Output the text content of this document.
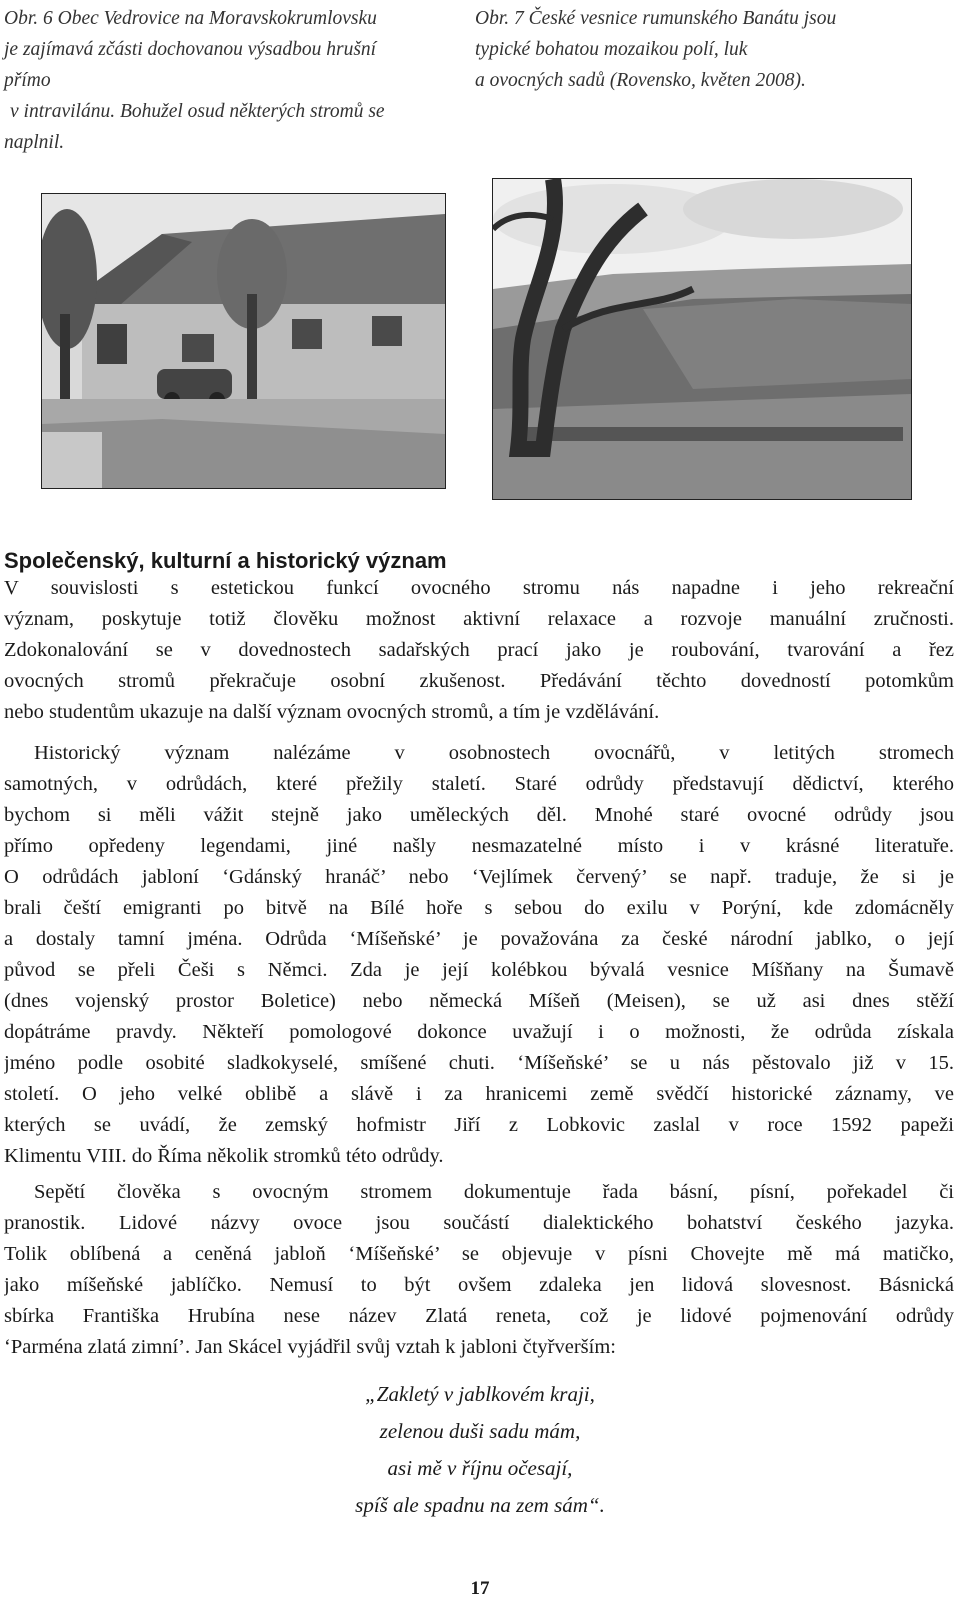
Obr. 6 Obec Vedrovice na Moravskokrumlovsku
je zajímavá zčásti dochovanou výsadbou hrušní
přímo
v intravilánu. Bohužel osud některých stromů se
naplnil.
Obr. 7 České vesnice rumunského Banátu jsou
typické bohatou mozaikou polí, luk
a ovocných sadů (Rovensko, květen 2008).
Společenský, kulturní a historický význam
V souvislosti s estetickou funkcí ovocného stromu nás napadne i jeho rekreační
význam, poskytuje totiž člověku možnost aktivní relaxace a rozvoje manuální zručnosti.
Zdokonalování se v dovednostech sadařských prací jako je roubování, tvarování a řez
ovocných stromů překračuje osobní zkušenost. Předávání těchto dovedností potomkům
nebo studentům ukazuje na další význam ovocných stromů, a tím je vzdělávání.
Historický význam nalézáme v osobnostech ovocnářů, v letitých stromech
samotných, v odrůdách, které přežily staletí. Staré odrůdy představují dědictví, kterého
bychom si měli vážit stejně jako uměleckých děl. Mnohé staré ovocné odrůdy jsou
přímo opředeny legendami, jiné našly nesmazatelné místo i v krásné literatuře.
O odrůdách jabloní ‘Gdánský hranáč’ nebo ‘Vejlímek červený’ se např. traduje, že si je
brali čeští emigranti po bitvě na Bílé hoře s sebou do exilu v Porýní, kde zdomácněly
a dostaly tamní jména. Odrůda ‘Míšeňské’ je považována za české národní jablko, o její
původ se přeli Češi s Němci. Zda je její kolébkou bývalá vesnice Míšňany na Šumavě
(dnes vojenský prostor Boletice) nebo německá Míšeň (Meisen), se už asi dnes stěží
dopátráme pravdy. Někteří pomologové dokonce uvažují i o možnosti, že odrůda získala
jméno podle osobité sladkokyselé, smíšené chuti. ‘Míšeňské’ se u nás pěstovalo již v 15.
století. O jeho velké oblibě a slávě i za hranicemi země svědčí historické záznamy, ve
kterých se uvádí, že zemský hofmistr Jiří z Lobkovic zaslal v roce 1592 papeži
Klimentu VIII. do Říma několik stromků této odrůdy.
Sepětí člověka s ovocným stromem dokumentuje řada básní, písní, pořekadel či
pranostik. Lidové názvy ovoce jsou součástí dialektického bohatství českého jazyka.
Tolik oblíbená a ceněná jabloň ‘Míšeňské’ se objevuje v písni Chovejte mě má matičko,
jako míšeňské jablíčko. Nemusí to být ovšem zdaleka jen lidová slovesnost. Básnická
sbírka Františka Hrubína nese název Zlatá reneta, což je lidové pojmenování odrůdy
‘Parména zlatá zimní’. Jan Skácel vyjádřil svůj vztah k jabloni čtyřverším:
„Zakletý v jablkovém kraji,
zelenou duši sadu mám,
asi mě v říjnu očesají,
spíš ale spadnu na zem sám“.
17
